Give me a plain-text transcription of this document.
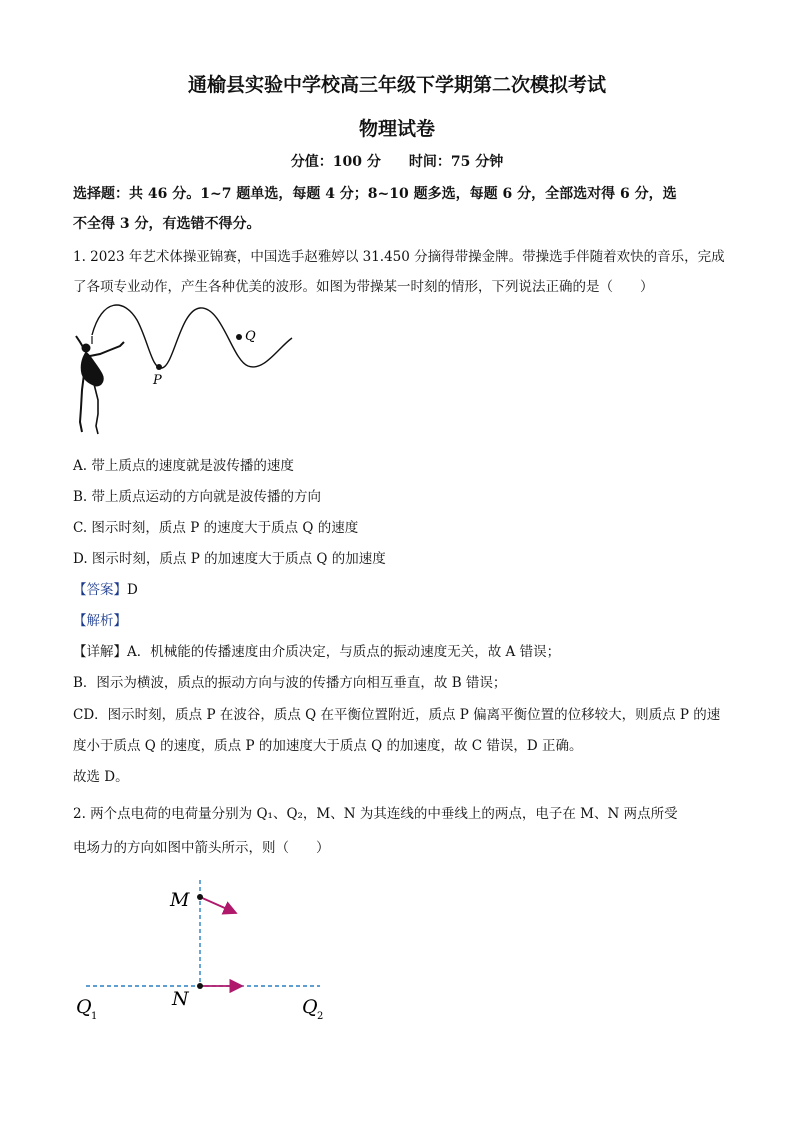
通榆县实验中学校高三年级下学期第二次模拟考试
物理试卷
分值：100 分　　时间：75 分钟
选择题：共 46 分。1~7 题单选，每题 4 分；8~10 题多选，每题 6 分，全部选对得 6 分，选
不全得 3 分，有选错不得分。
1. 2023 年艺术体操亚锦赛，中国选手赵雅婷以 31.450 分摘得带操金牌。带操选手伴随着欢快的音乐，完成
了各项专业动作，产生各种优美的波形。如图为带操某一时刻的情形，下列说法正确的是（　　）
P
Q
A. 带上质点的速度就是波传播的速度
B. 带上质点运动的方向就是波传播的方向
C. 图示时刻，质点 P 的速度大于质点 Q 的速度
D. 图示时刻，质点 P 的加速度大于质点 Q 的加速度
【答案】D
【解析】
【详解】A．机械能的传播速度由介质决定，与质点的振动速度无关，故 A 错误；
B．图示为横波，质点的振动方向与波的传播方向相互垂直，故 B 错误；
CD．图示时刻，质点 P 在波谷，质点 Q 在平衡位置附近，质点 P 偏离平衡位置的位移较大，则质点 P 的速
度小于质点 Q 的速度，质点 P 的加速度大于质点 Q 的加速度，故 C 错误，D 正确。
故选 D。
2. 两个点电荷的电荷量分别为 Q₁、Q₂，M、N 为其连线的中垂线上的两点，电子在 M、N 两点所受
电场力的方向如图中箭头所示，则（　　）
M
N
Q 1	Q 2
